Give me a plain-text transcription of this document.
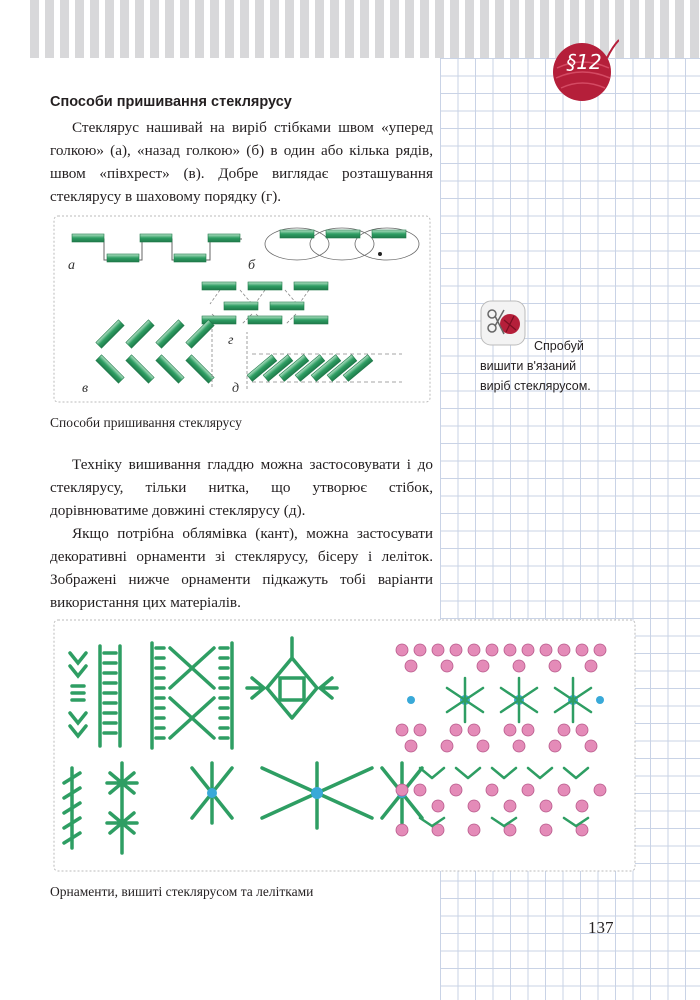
§12
Способи пришивання стеклярусу

Стеклярус нашивай на виріб стібками швом «уперед голкою» (а), «назад голкою» (б) в один або кілька рядів, швом «півхрест» (в). Добре виглядає розташування стеклярусу в шаховому порядку (г).

а	б
г
в	д
Способи пришивання стеклярусу
Спробуй вишити в'язаний виріб стеклярусом.

Техніку вишивання гладдю можна застосовувати і до стеклярусу, тільки нитка, що утворює стібок, дорівнюватиме довжині стеклярусу (д).

Якщо потрібна облямівка (кант), можна застосувати декоративні орнаменти зі стеклярусу, бісеру і леліток. Зображені нижче орнаменти підкажуть тобі варіанти використання цих матеріалів.

Орнаменти, вишиті стеклярусом та лелітками
137
